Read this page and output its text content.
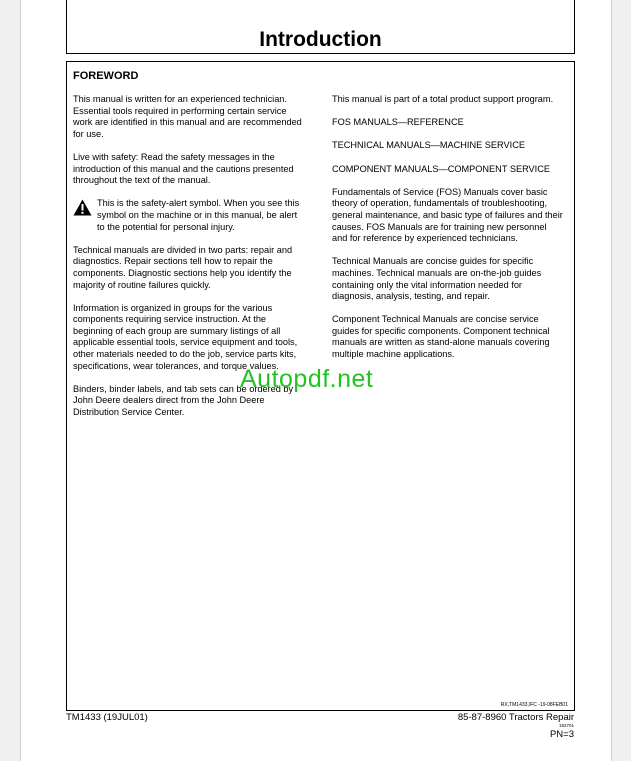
Introduction
FOREWORD

This manual is written for an experienced technician. Essential tools required in performing certain service work are identified in this manual and are recommended for use.

Live with safety: Read the safety messages in the introduction of this manual and the cautions presented throughout the text of the manual.

This is the safety-alert symbol. When you see this symbol on the machine or in this manual, be alert to the potential for personal injury.

Technical manuals are divided in two parts: repair and diagnostics. Repair sections tell how to repair the components. Diagnostic sections help you identify the majority of routine failures quickly.

Information is organized in groups for the various components requiring service instruction. At the beginning of each group are summary listings of all applicable essential tools, service equipment and tools, other materials needed to do the job, service parts kits, specifications, wear tolerances, and torque values.

Binders, binder labels, and tab sets can be ordered by John Deere dealers direct from the John Deere Distribution Service Center.

This manual is part of a total product support program.

FOS MANUALS—REFERENCE

TECHNICAL MANUALS—MACHINE SERVICE

COMPONENT MANUALS—COMPONENT SERVICE

Fundamentals of Service (FOS) Manuals cover basic theory of operation, fundamentals of troubleshooting, general maintenance, and basic type of failures and their causes. FOS Manuals are for training new personnel and for reference by experienced technicians.

Technical Manuals are concise guides for specific machines. Technical manuals are on-the-job guides containing only the vital information needed for diagnosis, analysis, testing, and repair.

Component Technical Manuals are concise service guides for specific components. Component technical manuals are written as stand-alone manuals covering multiple machine applications.

RX,TM1433,IFC -19-08FEB01
TM1433 (19JUL01)	85-87-8960 Tractors Repair
192701
PN=3
Autopdf.net
